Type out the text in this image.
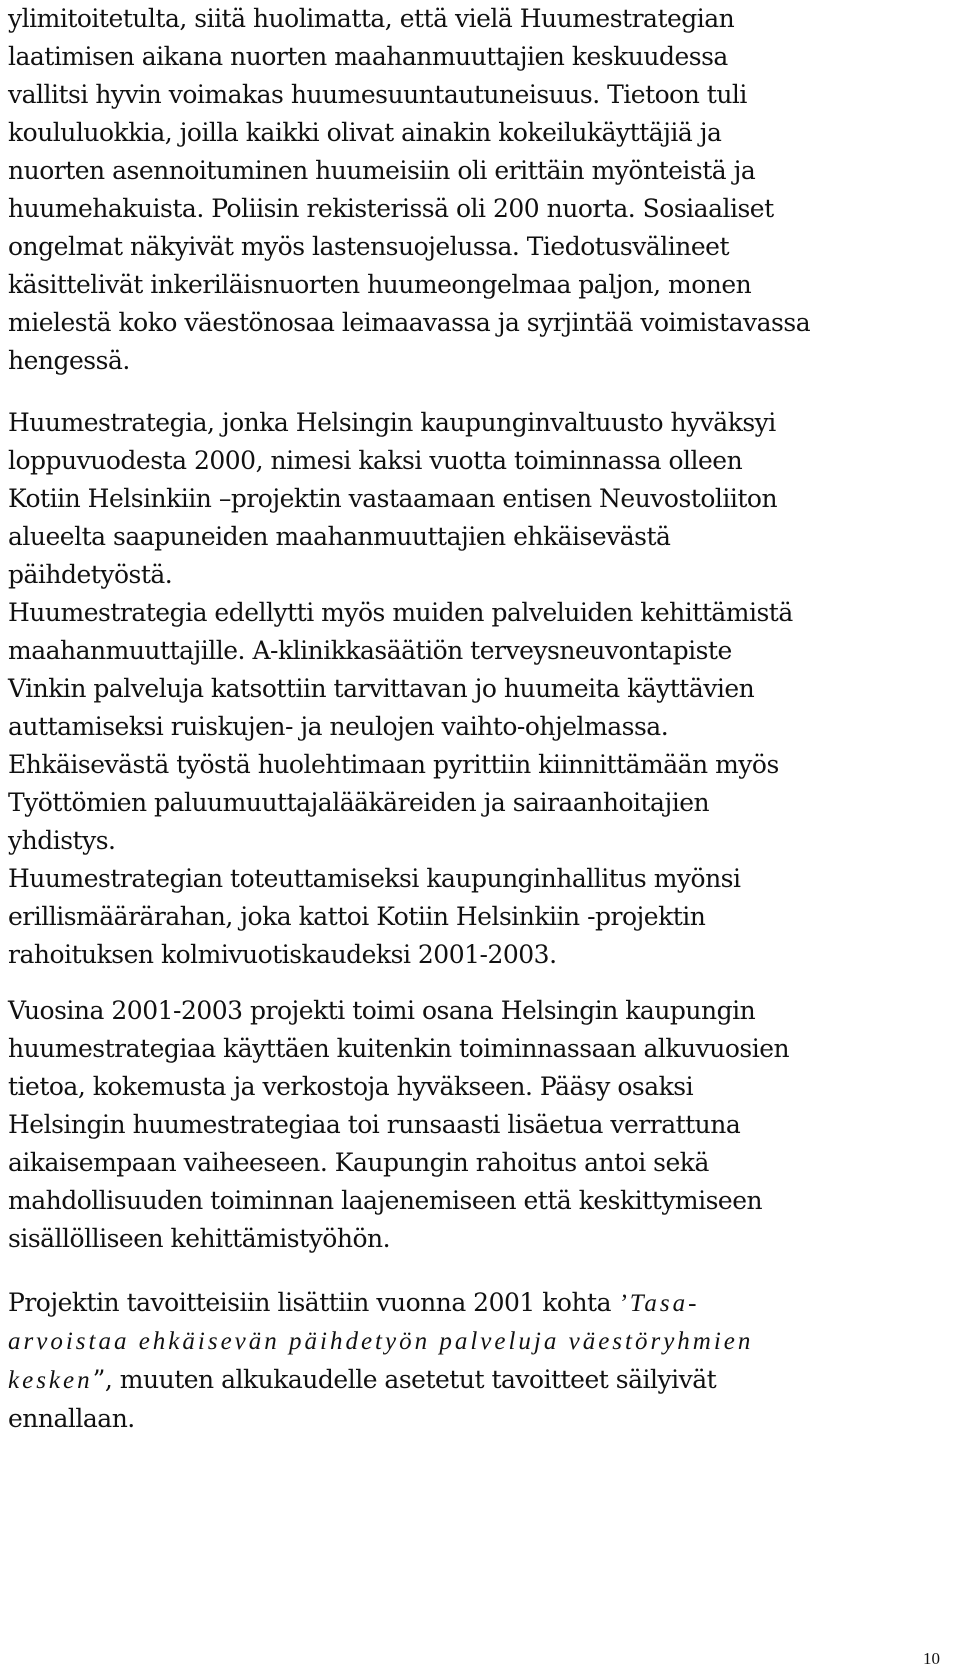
ylimitoitetulta, siitä huolimatta, että vielä Huumestrategian
laatimisen aikana nuorten maahanmuuttajien keskuudessa
vallitsi hyvin voimakas huumesuuntautuneisuus. Tietoon tuli
koululuokkia, joilla kaikki olivat ainakin kokeilukäyttäjiä ja
nuorten asennoituminen huumeisiin oli erittäin myönteistä ja
huumehakuista. Poliisin rekisterissä oli 200 nuorta. Sosiaaliset
ongelmat näkyivät myös lastensuojelussa. Tiedotusvälineet
käsittelivät inkeriläisnuorten huumeongelmaa paljon, monen
mielestä koko väestönosaa leimaavassa ja syrjintää voimistavassa
hengessä.
Huumestrategia, jonka Helsingin kaupunginvaltuusto hyväksyi
loppuvuodesta 2000, nimesi kaksi vuotta toiminnassa olleen
Kotiin Helsinkiin –projektin vastaamaan entisen Neuvostoliiton
alueelta saapuneiden maahanmuuttajien ehkäisevästä
päihdetyöstä.
Huumestrategia edellytti myös muiden palveluiden kehittämistä
maahanmuuttajille. A-klinikkasäätiön terveysneuvontapiste
Vinkin palveluja katsottiin tarvittavan jo huumeita käyttävien
auttamiseksi ruiskujen- ja neulojen vaihto-ohjelmassa.
Ehkäisevästä työstä huolehtimaan pyrittiin kiinnittämään myös
Työttömien paluumuuttajalääkäreiden ja sairaanhoitajien
yhdistys.
Huumestrategian toteuttamiseksi kaupunginhallitus myönsi
erillismäärärahan, joka kattoi Kotiin Helsinkiin -projektin
rahoituksen kolmivuotiskaudeksi 2001-2003.
Vuosina 2001-2003 projekti toimi osana Helsingin kaupungin
huumestrategiaa käyttäen kuitenkin toiminnassaan alkuvuosien
tietoa, kokemusta ja verkostoja hyväkseen. Pääsy osaksi
Helsingin huumestrategiaa toi runsaasti lisäetua verrattuna
aikaisempaan vaiheeseen. Kaupungin rahoitus antoi sekä
mahdollisuuden toiminnan laajenemiseen että keskittymiseen
sisällölliseen kehittämistyöhön.
Projektin tavoitteisiin lisättiin vuonna 2001 kohta ’Tasa-
arvoistaa ehkäisevän päihdetyön palveluja väestöryhmien
kesken”, muuten alkukaudelle asetetut tavoitteet säilyivät
ennallaan.
10
